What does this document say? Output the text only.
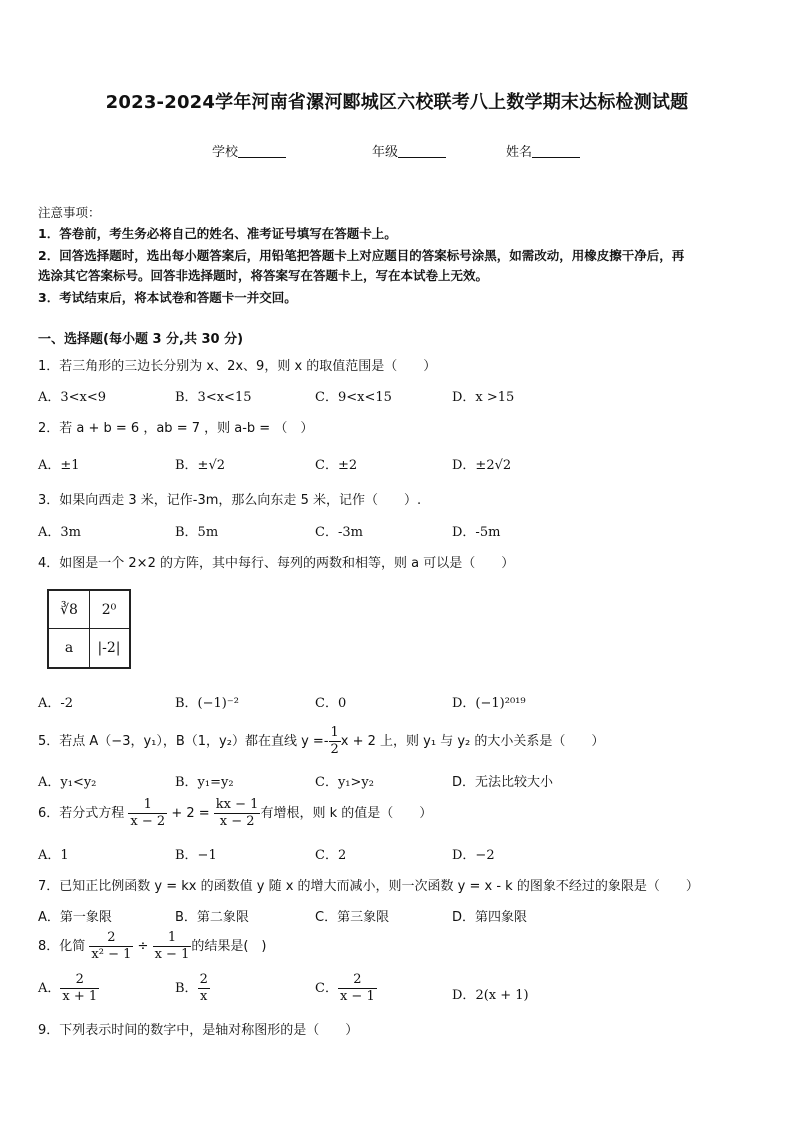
2023-2024学年河南省漯河郾城区六校联考八上数学期末达标检测试题
学校	年级	姓名
注意事项：
1．答卷前，考生务必将自己的姓名、准考证号填写在答题卡上。
2．回答选择题时，选出每小题答案后，用铅笔把答题卡上对应题目的答案标号涂黑，如需改动，用橡皮擦干净后，再
选涂其它答案标号。回答非选择题时，将答案写在答题卡上，写在本试卷上无效。
3．考试结束后，将本试卷和答题卡一并交回。
一、选择题(每小题 3 分,共 30 分)
1．若三角形的三边长分别为 x、2x、9，则 x 的取值范围是（　　）
A．3<x<9	B．3<x<15	C．9<x<15	D．x >15
2．若 a + b = 6 ，ab = 7 ，则 a-b = （　）
A．±1	B．±√2	C．±2	D．±2√2
3．如果向西走 3 米，记作-3m，那么向东走 5 米，记作（　　）.
A．3m	B．5m	C．-3m	D．-5m
4．如图是一个 2×2 的方阵，其中每行、每列的两数和相等，则 a 可以是（　　）
∛8	2⁰
a	|-2|
A．-2	B．(−1)⁻²	C．0	D．(−1)²⁰¹⁹
5．若点 A（−3，y₁），B（1，y₂）都在直线 $y =- \frac{1}{2}$ x + 2 上，则 y₁ 与 y₂ 的大小关系是（　　）
A．y₁<y₂	B．y₁=y₂	C．y₁>y₂	D．无法比较大小
6．若分式方程 $\frac{1}{x - 2} + 2 = \frac{kx - 1}{x - 2}$ 有增根，则 k 的值是（　　）
A．1	B．−1	C．2	D．−2
7．已知正比例函数 y = kx 的函数值 y 随 x 的增大而减小，则一次函数 y = x - k 的图象不经过的象限是（　　）
A．第一象限	B．第二象限	C．第三象限	D．第四象限
8．化简 $\frac{2}{\text{x² − 1}} \div \frac{1}{x - 1}$ 的结果是(　)
A． $\frac{2}{x + 1}$	B． $\frac{2}{x}$	C． $\frac{2}{x - 1}$	D．2(x + 1)
9．下列表示时间的数字中，是轴对称图形的是（　　）
